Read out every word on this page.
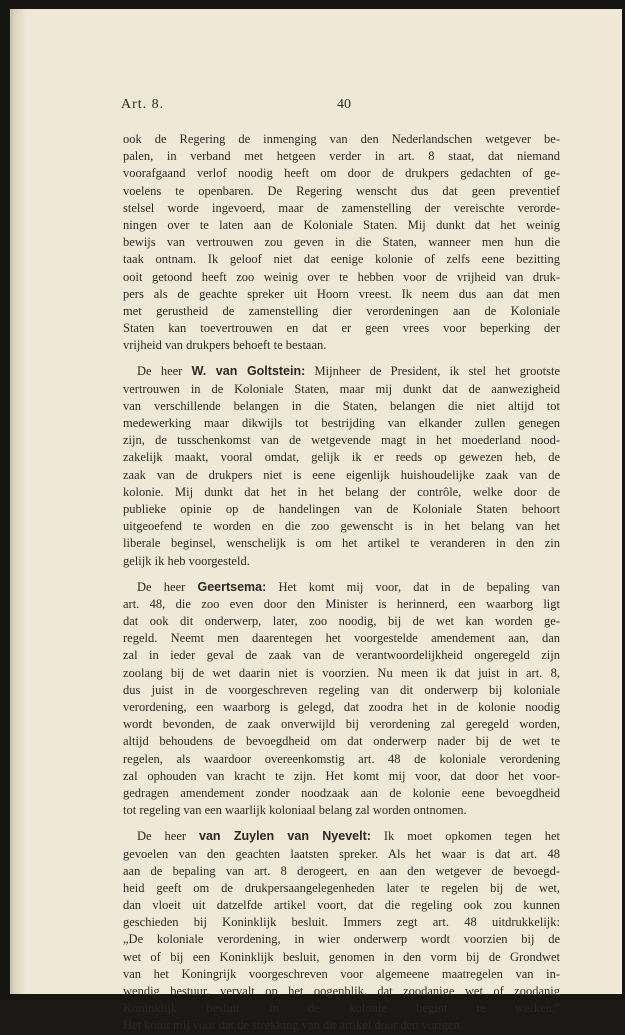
Art. 8.	40
ook de Regering de inmenging van den Nederlandschen wetgever be-
palen, in verband met hetgeen verder in art. 8 staat, dat niemand
voorafgaand verlof noodig heeft om door de drukpers gedachten of ge-
voelens te openbaren. De Regering wenscht dus dat geen preventief
stelsel worde ingevoerd, maar de zamenstelling der vereischte verorde-
ningen over te laten aan de Koloniale Staten. Mij dunkt dat het weinig
bewijs van vertrouwen zou geven in die Staten, wanneer men hun die
taak ontnam. Ik geloof niet dat eenige kolonie of zelfs eene bezitting
ooit getoond heeft zoo weinig over te hebben voor de vrijheid van druk-
pers als de geachte spreker uit Hoorn vreest. Ik neem dus aan dat men
met gerustheid de zamenstelling dier verordeningen aan de Koloniale
Staten kan toevertrouwen en dat er geen vrees voor beperking der
vrijheid van drukpers behoeft te bestaan.
De heer W. van Goltstein: Mijnheer de President, ik stel het grootste
vertrouwen in de Koloniale Staten, maar mij dunkt dat de aanwezigheid
van verschillende belangen in die Staten, belangen die niet altijd tot
medewerking maar dikwijls tot bestrijding van elkander zullen genegen
zijn, de tusschenkomst van de wetgevende magt in het moederland nood-
zakelijk maakt, vooral omdat, gelijk ik er reeds op gewezen heb, de
zaak van de drukpers niet is eene eigenlijk huishoudelijke zaak van de
kolonie. Mij dunkt dat het in het belang der contrôle, welke door de
publieke opinie op de handelingen van de Koloniale Staten behoort
uitgeoefend te worden en die zoo gewenscht is in het belang van het
liberale beginsel, wenschelijk is om het artikel te veranderen in den zin
gelijk ik heb voorgesteld.
De heer Geertsema: Het komt mij voor, dat in de bepaling van
art. 48, die zoo even door den Minister is herinnerd, een waarborg ligt
dat ook dit onderwerp, later, zoo noodig, bij de wet kan worden ge-
regeld. Neemt men daarentegen het voorgestelde amendement aan, dan
zal in ieder geval de zaak van de verantwoordelijkheid ongeregeld zijn
zoolang bij de wet daarin niet is voorzien. Nu meen ik dat juist in art. 8,
dus juist in de voorgeschreven regeling van dit onderwerp bij koloniale
verordening, een waarborg is gelegd, dat zoodra het in de kolonie noodig
wordt bevonden, de zaak onverwijld bij verordening zal geregeld worden,
altijd behoudens de bevoegdheid om dat onderwerp nader bij de wet te
regelen, als waardoor overeenkomstig art. 48 de koloniale verordening
zal ophouden van kracht te zijn. Het komt mij voor, dat door het voor-
gedragen amendement zonder noodzaak aan de kolonie eene bevoegdheid
tot regeling van een waarlijk koloniaal belang zal worden ontnomen.
De heer van Zuylen van Nyevelt: Ik moet opkomen tegen het
gevoelen van den geachten laatsten spreker. Als het waar is dat art. 48
aan de bepaling van art. 8 derogeert, en aan den wetgever de bevoegd-
heid geeft om de drukpersaangelegenheden later te regelen bij de wet,
dan vloeit uit datzelfde artikel voort, dat die regeling ook zou kunnen
geschieden bij Koninklijk besluit. Immers zegt art. 48 uitdrukkelijk:
„De koloniale verordening, in wier onderwerp wordt voorzien bij de
wet of bij een Koninklijk besluit, genomen in den vorm bij de Grondwet
van het Koningrijk voorgeschreven voor algemeene maatregelen van in-
wendig bestuur, vervalt op het oogenblik, dat zoodanige wet of zoodanig
Koninklijk besluit in de kolonie begint te werken."
Het komt mij voor dat de strekking van dit artikel door den vorigen
